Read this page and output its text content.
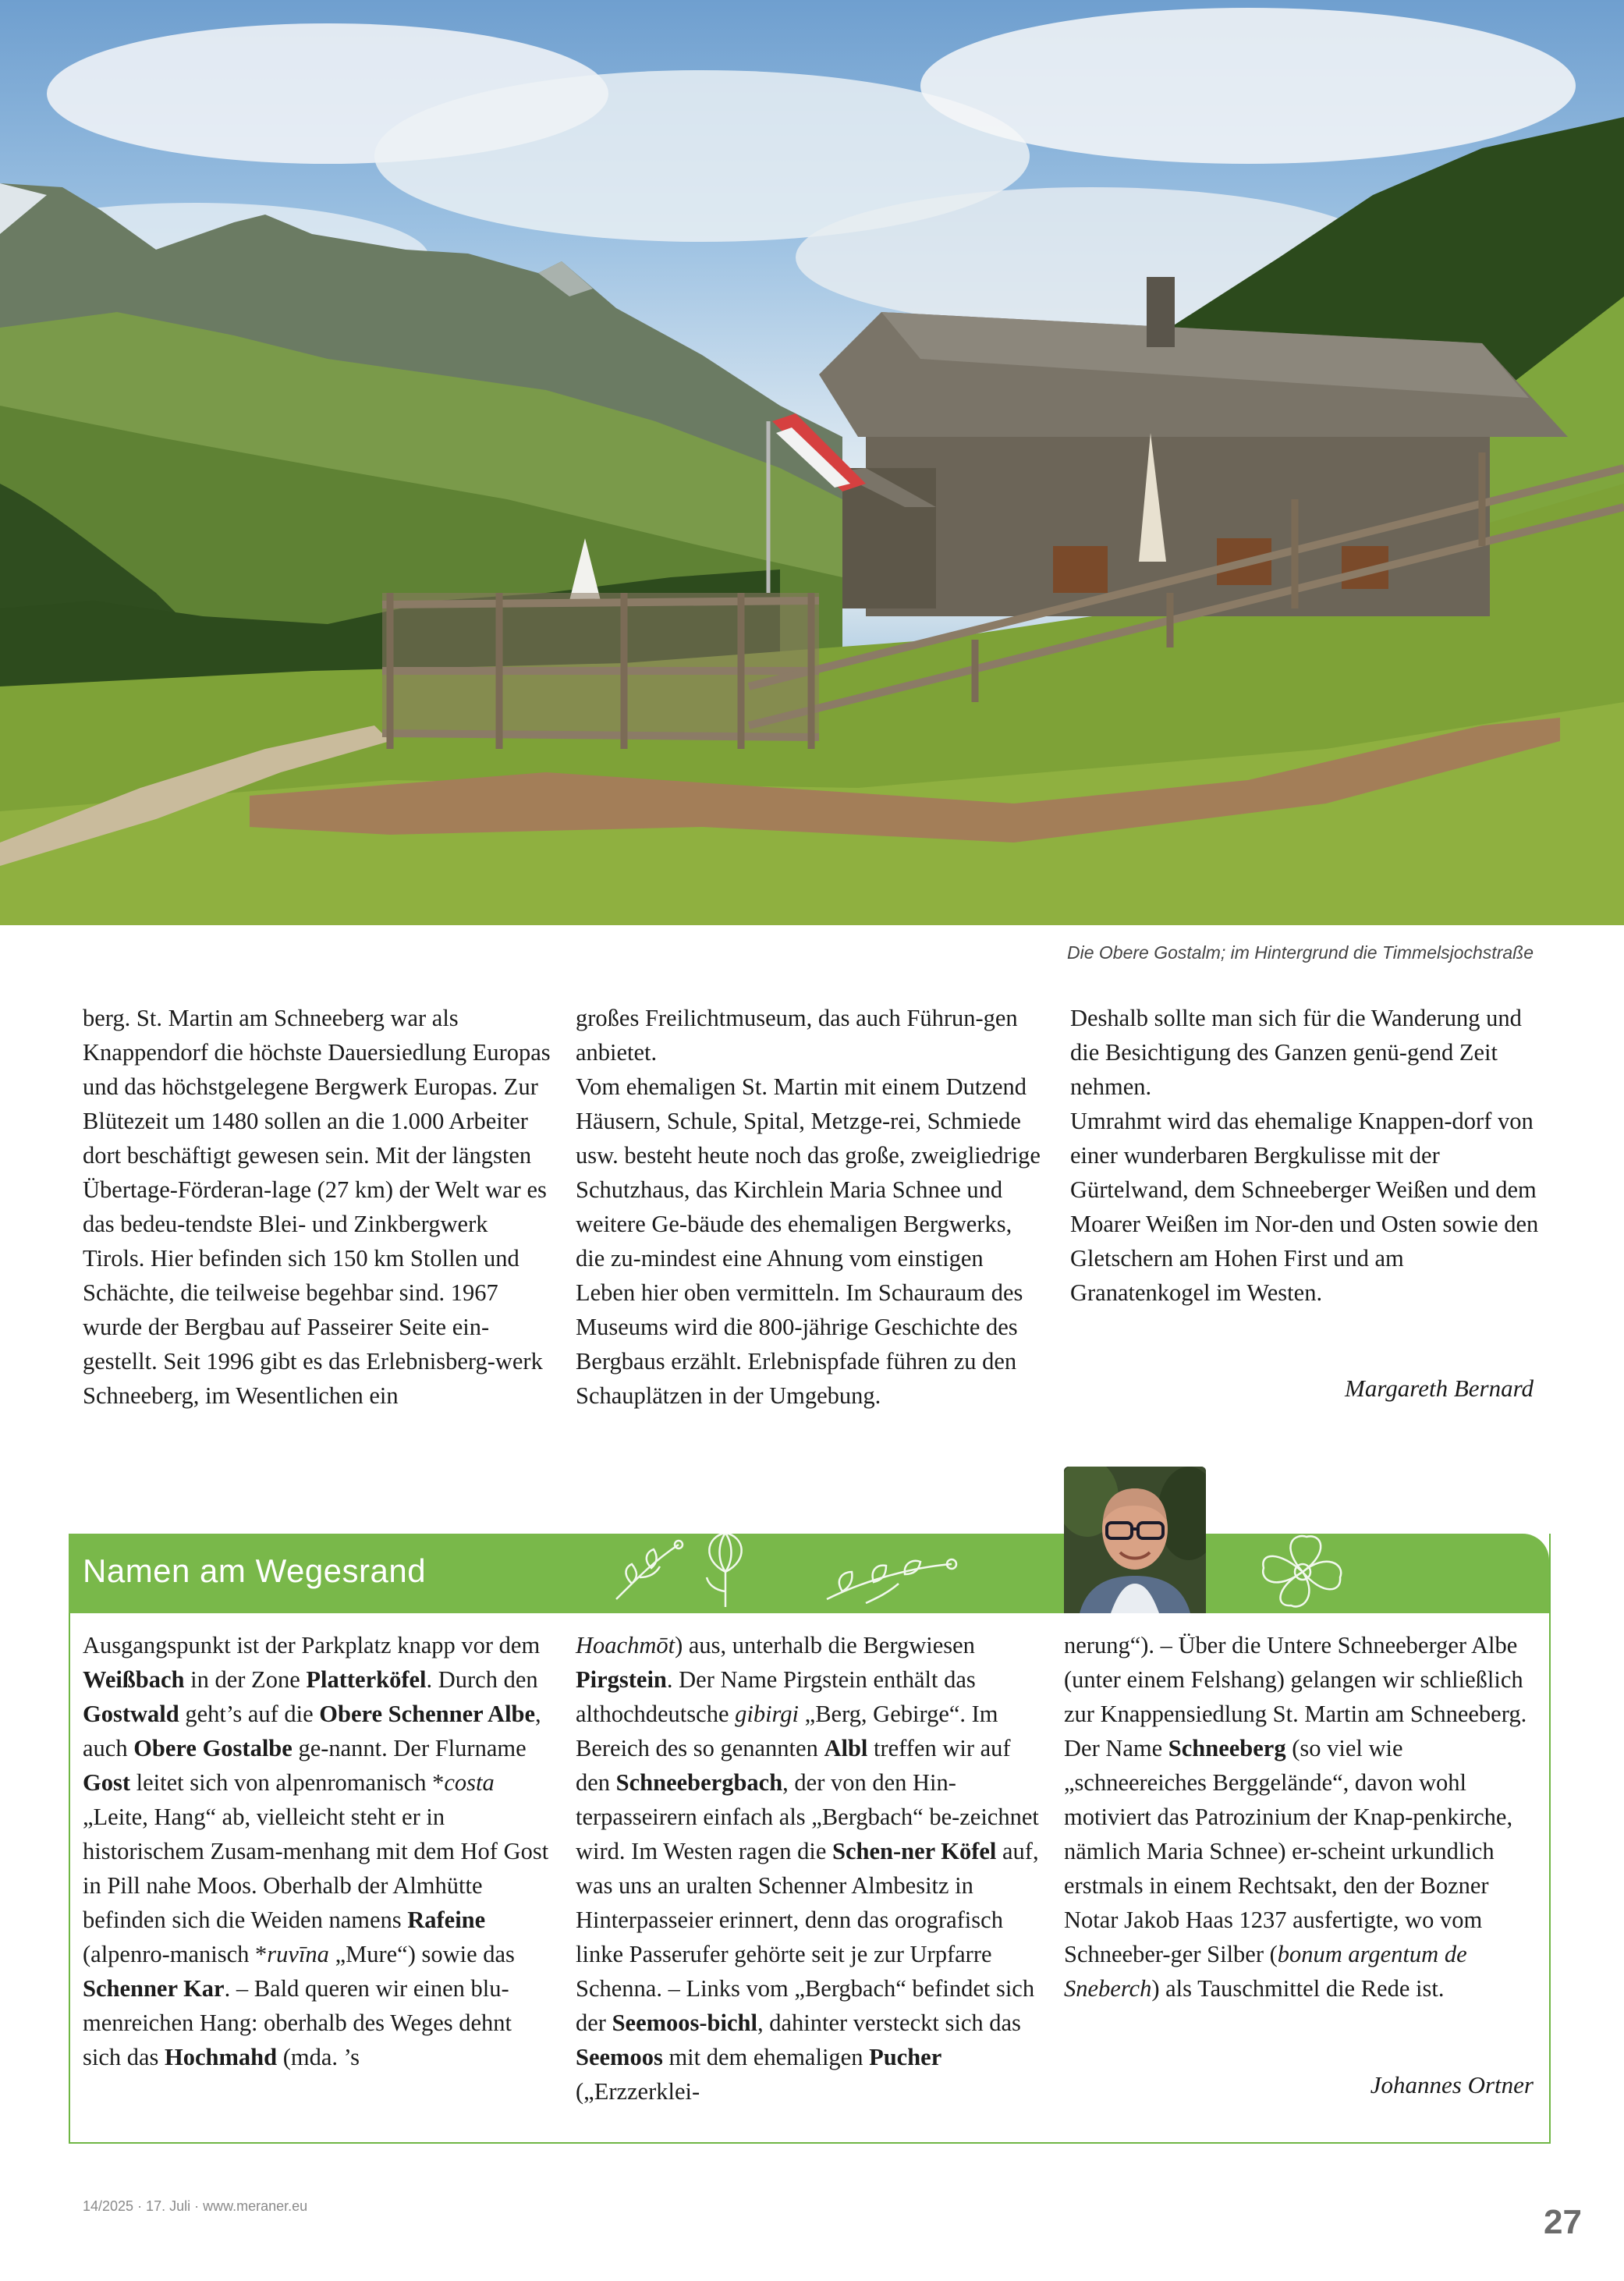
Die Obere Gostalm; im Hintergrund die Timmelsjochstraße

berg. St. Martin am Schneeberg war als Knappendorf die höchste Dauersiedlung Europas und das höchstgelegene Bergwerk Europas. Zur Blütezeit um 1480 sollen an die 1.000 Arbeiter dort beschäftigt gewesen sein. Mit der längsten Übertage-Förderan-lage (27 km) der Welt war es das bedeu-tendste Blei- und Zinkbergwerk Tirols. Hier befinden sich 150 km Stollen und Schächte, die teilweise begehbar sind. 1967 wurde der Bergbau auf Passeirer Seite ein-gestellt. Seit 1996 gibt es das Erlebnisberg-werk Schneeberg, im Wesentlichen ein

großes Freilichtmuseum, das auch Führun-gen anbietet.

Vom ehemaligen St. Martin mit einem Dutzend Häusern, Schule, Spital, Metzge-rei, Schmiede usw. besteht heute noch das große, zweigliedrige Schutzhaus, das Kirchlein Maria Schnee und weitere Ge-bäude des ehemaligen Bergwerks, die zu-mindest eine Ahnung vom einstigen Leben hier oben vermitteln. Im Schauraum des Museums wird die 800-jährige Geschichte des Bergbaus erzählt. Erlebnispfade führen zu den Schauplätzen in der Umgebung.

Deshalb sollte man sich für die Wanderung und die Besichtigung des Ganzen genü-gend Zeit nehmen.

Umrahmt wird das ehemalige Knappen-dorf von einer wunderbaren Bergkulisse mit der Gürtelwand, dem Schneeberger Weißen und dem Moarer Weißen im Nor-den und Osten sowie den Gletschern am Hohen First und am Granatenkogel im Westen.

Margareth Bernard
Namen am Wegesrand

Ausgangspunkt ist der Parkplatz knapp vor dem Weißbach in der Zone Platterköfel. Durch den Gostwald geht’s auf die Obere Schenner Albe, auch Obere Gostalbe ge-nannt. Der Flurname Gost leitet sich von alpenromanisch *costa „Leite, Hang“ ab, vielleicht steht er in historischem Zusam-menhang mit dem Hof Gost in Pill nahe Moos. Oberhalb der Almhütte befinden sich die Weiden namens Rafeine (alpenro-manisch *ruvīna „Mure“) sowie das Schenner Kar. – Bald queren wir einen blu-menreichen Hang: oberhalb des Weges dehnt sich das Hochmahd (mda. ’s

Hoachmōt) aus, unterhalb die Bergwiesen Pirgstein. Der Name Pirgstein enthält das althochdeutsche gibirgi „Berg, Gebirge“. Im Bereich des so genannten Albl treffen wir auf den Schneebergbach, der von den Hin-terpasseirern einfach als „Bergbach“ be-zeichnet wird. Im Westen ragen die Schen-ner Köfel auf, was uns an uralten Schenner Almbesitz in Hinterpasseier erinnert, denn das orografisch linke Passerufer gehörte seit je zur Urpfarre Schenna. – Links vom „Bergbach“ befindet sich der Seemoos-bichl, dahinter versteckt sich das Seemoos mit dem ehemaligen Pucher („Erzzerklei-

nerung“). – Über die Untere Schneeberger Albe (unter einem Felshang) gelangen wir schließlich zur Knappensiedlung St. Martin am Schneeberg. Der Name Schneeberg (so viel wie „schneereiches Berggelände“, davon wohl motiviert das Patrozinium der Knap-penkirche, nämlich Maria Schnee) er-scheint urkundlich erstmals in einem Rechtsakt, den der Bozner Notar Jakob Haas 1237 ausfertigte, wo vom Schneeber-ger Silber (bonum argentum de Sneberch) als Tauschmittel die Rede ist.

Johannes Ortner
14/2025 · 17. Juli · www.meraner.eu	27
